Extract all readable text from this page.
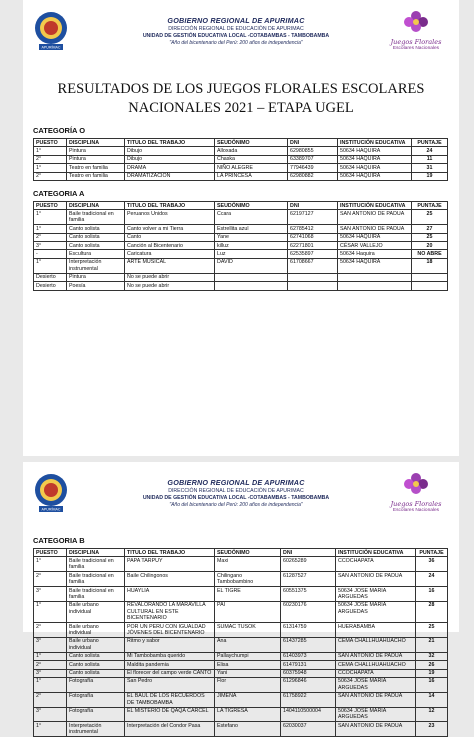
APURÍMAC
GOBIERNO REGIONAL DE APURIMAC
DIRECCIÓN REGIONAL DE EDUCACIÓN DE APURIMAC
UNIDAD DE GESTIÓN EDUCATIVA LOCAL -COTABAMBAS - TAMBOBAMBA
"Año del bicentenario del Perú: 200 años de independencia"	Juegos Florales
Escolares Nacionales
RESULTADOS DE LOS JUEGOS FLORALES ESCOLARES
NACIONALES 2021 – ETAPA UGEL
CATEGORÍA O
PUESTO	DISCIPLINA	TITULO DEL TRABAJO	SEUDÓNIMO	DNI	INSTITUCIÓN EDUCATIVA	PUNTAJE
1°	Pintura	Dibujo	Alloxada	62980855	50634 HAQUIRA	24
2°	Pintura	Dibujo	Chaska	63389707	50634 HAQUIRA	11
1°	Teatro en familia	DRAMA	NIÑO ALEGRE	77946439	50634 HAQUIRA	31
2°	Teatro en familia	DRAMATIZACION	LA PRINCESA	62980882	50634 HAQUIRA	19
CATEGORIA A
PUESTO	DISCIPLINA	TITULO DEL TRABAJO	SEUDÓNIMO	DNI	INSTITUCIÓN EDUCATIVA	PUNTAJE
1°	Baile tradicional en familia	Peruanos Unidos	Ccara	62197127	SAN ANTONIO DE PADUA	25
1°	Canto solista	Canto volver a mi Tierra	Estrellita azul	62785412	SAN ANTONIO DE PADUA	27
2°	Canto solista	Canto	Yane	62741068	50634 HAQUIRA	25
3°	Canto solista	Canción al Bicentenario	killuz	62271801	CÉSAR VALLEJO	20
-	Escultura	Caricatura	Luz	62535897	50634 Haquira	NO ABRE
1°	Interpretación instrumental	ARTE MUSICAL	DAVID	61708667	50634 HAQUIRA	18
Desierto	Pintura	No se puede abrir				
Desierto	Poesía	No se puede abrir				
APURÍMAC
GOBIERNO REGIONAL DE APURIMAC
DIRECCIÓN REGIONAL DE EDUCACIÓN DE APURIMAC
UNIDAD DE GESTIÓN EDUCATIVA LOCAL -COTABAMBAS - TAMBOBAMBA
"Año del bicentenario del Perú: 200 años de independencia"	Juegos Florales
Escolares Nacionales
CATEGORIA B
PUESTO	DISCIPLINA	TITULO DEL TRABAJO	SEUDÓNIMO	DNI	INSTITUCIÓN EDUCATIVA	PUNTAJE
1°	Baile tradicional en familia	PAPA TARPUY	Maxi	60265289	CCOCHAPATA	36
2°	Baile tradicional en familia	Baile Chilingonos	Chilingano Tambobambino	61287527	SAN ANTONIO DE PADUA	24
3°	Baile tradicional en familia	HUAYLIA	EL TIGRE	60551375	50634 JOSE MARIA ARGUEDAS	16
1°	Baile urbano individual	REVALORANDO LA MARAVILLA CULTURAL EN ESTE BICENTENARIO	PAI	60230176	50634 JOSE MARIA ARGUEDAS	28
2°	Baile urbano individual	POR UN PERU CON IGUALDAD JÓVENES DEL BICENTENARIO	SUMAC TUSOK	61314759	HUERABAMBA	25
3°	Baile urbano individual	Ritmo y sabor	Ana	61437285	CEMA CHALLHUAHUACHO	21
1°	Canto solista	Mi Tambobamba querido	Pallaychumpi	61403973	SAN ANTONIO DE PADUA	32
2°	Canto solista	Maldita pandemia	Elisa	61479131	CEMA CHALLHUAHUACHO	26
3°	Canto solista	El florecer del campo verde CANTO	Yani	60375948	CCOCHAPATA	19
1°	Fotografía	San Pedro	Flor	61296846	50634 JOSE MARIA ARGUEDAS	16
2°	Fotografía	EL BAÚL DE LOS RECUERDOS DE TAMBOBAMBA	JIMENA	61758922	SAN ANTONIO DE PADUA	14
3°	Fotografía	EL MISTERIO DE QAQA CARCEL	LA TIGRESA	1404110500004	50634 JOSE MARIA ARGUEDAS	12
1°	Interpretación instrumental	Interpretación del Condor Pasa	Estefano	62030037	SAN ANTONIO DE PADUA	23
